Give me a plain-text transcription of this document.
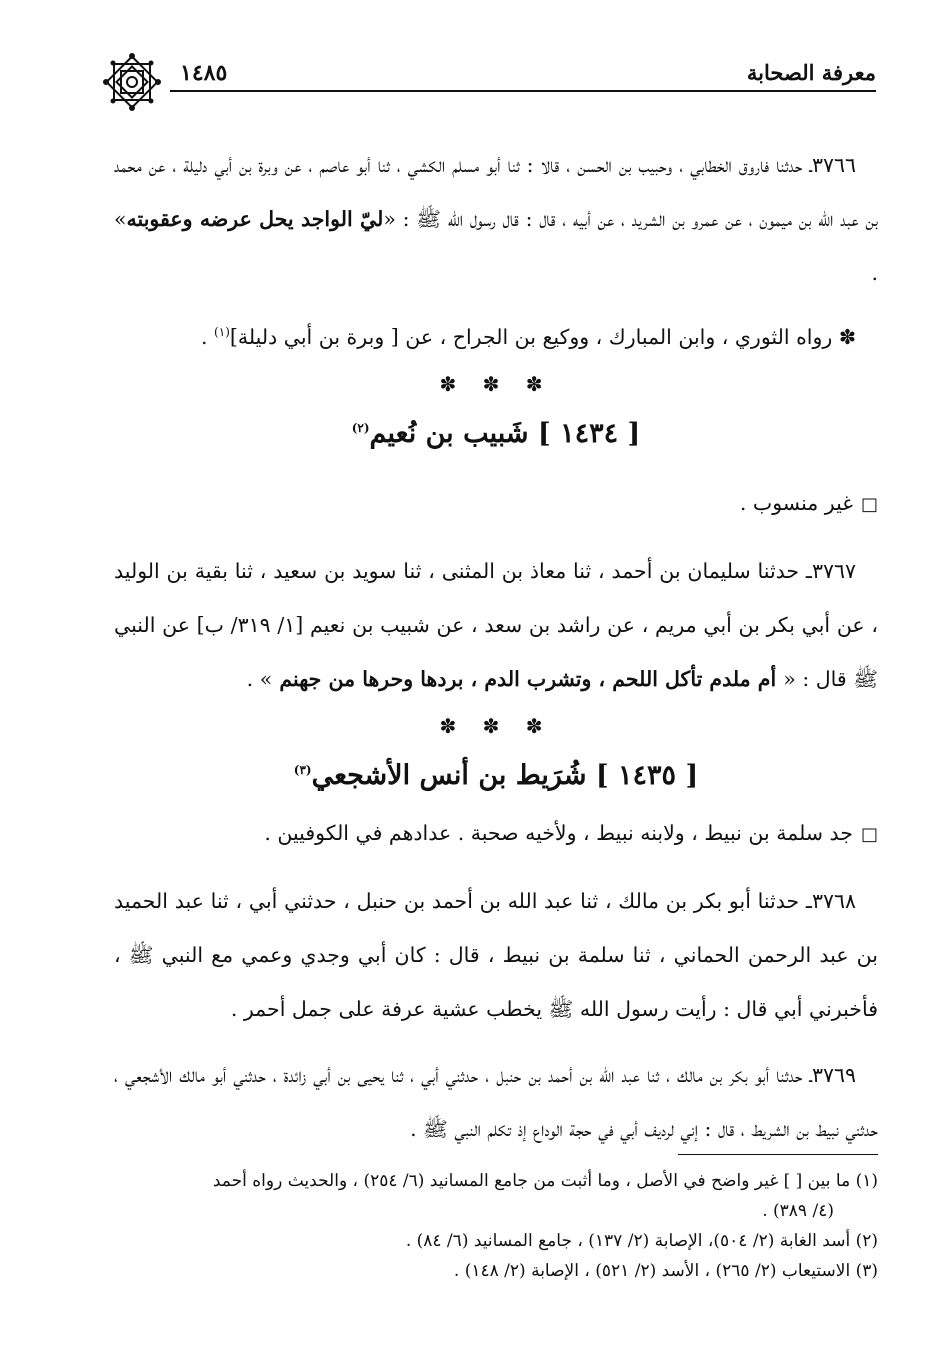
معرفة الصحابة
١٤٨٥

٣٧٦٦ـ حدثنا فاروق الخطابي ، وحبيب بن الحسن ، قالا : ثنا أبو مسلم الكشي ، ثنا أبو عاصم ، عن وبرة بن أبي دليلة ، عن محمد بن عبد الله بن ميمون ، عن عمرو بن الشريد ، عن أبيه ، قال : قال رسول الله ﷺ : «ليّ الواجد يحل عرضه وعقوبته» .

✽ رواه الثوري ، وابن المبارك ، ووكيع بن الجراح ، عن [ وبرة بن أبي دليلة]$^{(١)}$ .

✽ ✽ ✽

[ ١٤٣٤ ] شَبيب بن نُعيم$^{(٢)}$

□غير منسوب .

٣٧٦٧ـ حدثنا سليمان بن أحمد ، ثنا معاذ بن المثنى ، ثنا سويد بن سعيد ، ثنا بقية بن الوليد ، عن أبي بكر بن أبي مريم ، عن راشد بن سعد ، عن شبيب بن نعيم [١/ ٣١٩/ ب] عن النبي ﷺ قال : « أم ملدم تأكل اللحم ، وتشرب الدم ، بردها وحرها من جهنم » .

✽ ✽ ✽

[ ١٤٣٥ ] شُرَيط بن أنس الأشجعي$^{(٣)}$

□جد سلمة بن نبيط ، ولابنه نبيط ، ولأخيه صحبة . عدادهم في الكوفيين .

٣٧٦٨ـ حدثنا أبو بكر بن مالك ، ثنا عبد الله بن أحمد بن حنبل ، حدثني أبي ، ثنا عبد الحميد بن عبد الرحمن الحماني ، ثنا سلمة بن نبيط ، قال : كان أبي وجدي وعمي مع النبي ﷺ ، فأخبرني أبي قال : رأيت رسول الله ﷺ يخطب عشية عرفة على جمل أحمر .

٣٧٦٩ـ حدثنا أبو بكر بن مالك ، ثنا عبد الله بن أحمد بن حنبل ، حدثني أبي ، ثنا يحيى بن أبي زائدة ، حدثني أبو مالك الأشجعي ، حدثني نبيط بن الشريط ، قال : إني لرديف أبي في حجة الوداع إذ تكلم النبي ﷺ .

(١) ما بين [ ] غير واضح في الأصل ، وما أثبت من جامع المسانيد (٦/ ٢٥٤) ، والحديث رواه أحمد

(٤/ ٣٨٩) .

(٢) أسد الغابة (٢/ ٥٠٤)، الإصابة (٢/ ١٣٧) ، جامع المسانيد (٦/ ٨٤) .

(٣) الاستيعاب (٢/ ٢٦٥) ، الأسد (٢/ ٥٢١) ، الإصابة (٢/ ١٤٨) .
